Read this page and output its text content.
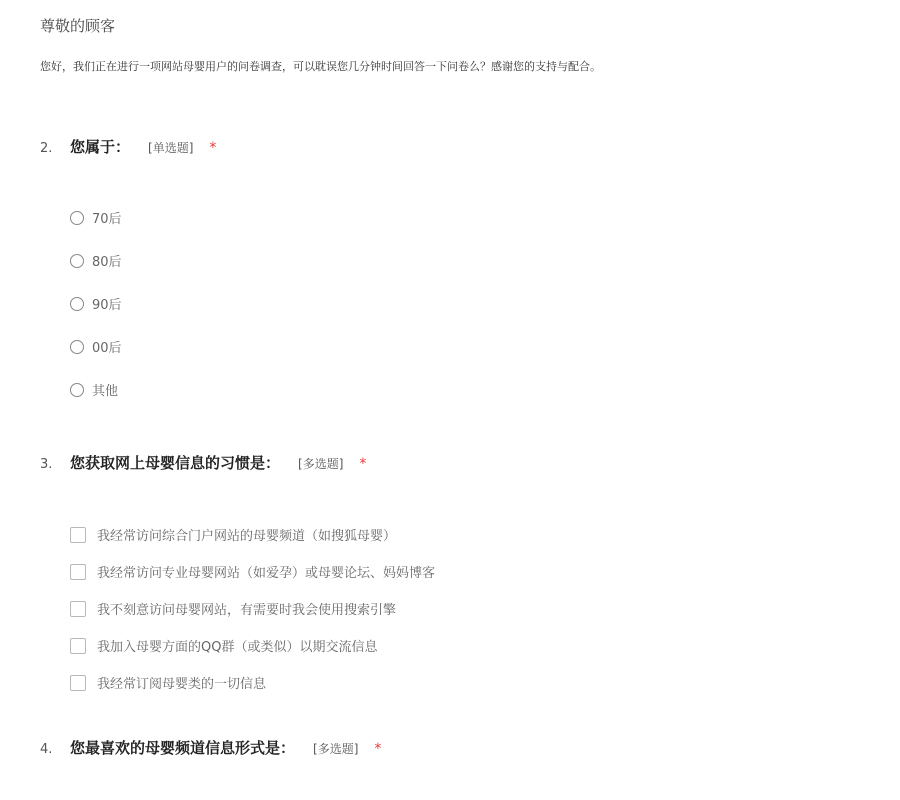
尊敬的顾客
您好，我们正在进行一项网站母婴用户的问卷调查，可以耽误您几分钟时间回答一下问卷么？感谢您的支持与配合。
2.	您属于： [单选题] *
70后
80后
90后
00后
其他
3.	您获取网上母婴信息的习惯是： [多选题] *
我经常访问综合门户网站的母婴频道（如搜狐母婴）
我经常访问专业母婴网站（如爱孕）或母婴论坛、妈妈博客
我不刻意访问母婴网站，有需要时我会使用搜索引擎
我加入母婴方面的QQ群（或类似）以期交流信息
我经常订阅母婴类的一切信息
4.	您最喜欢的母婴频道信息形式是： [多选题] *
